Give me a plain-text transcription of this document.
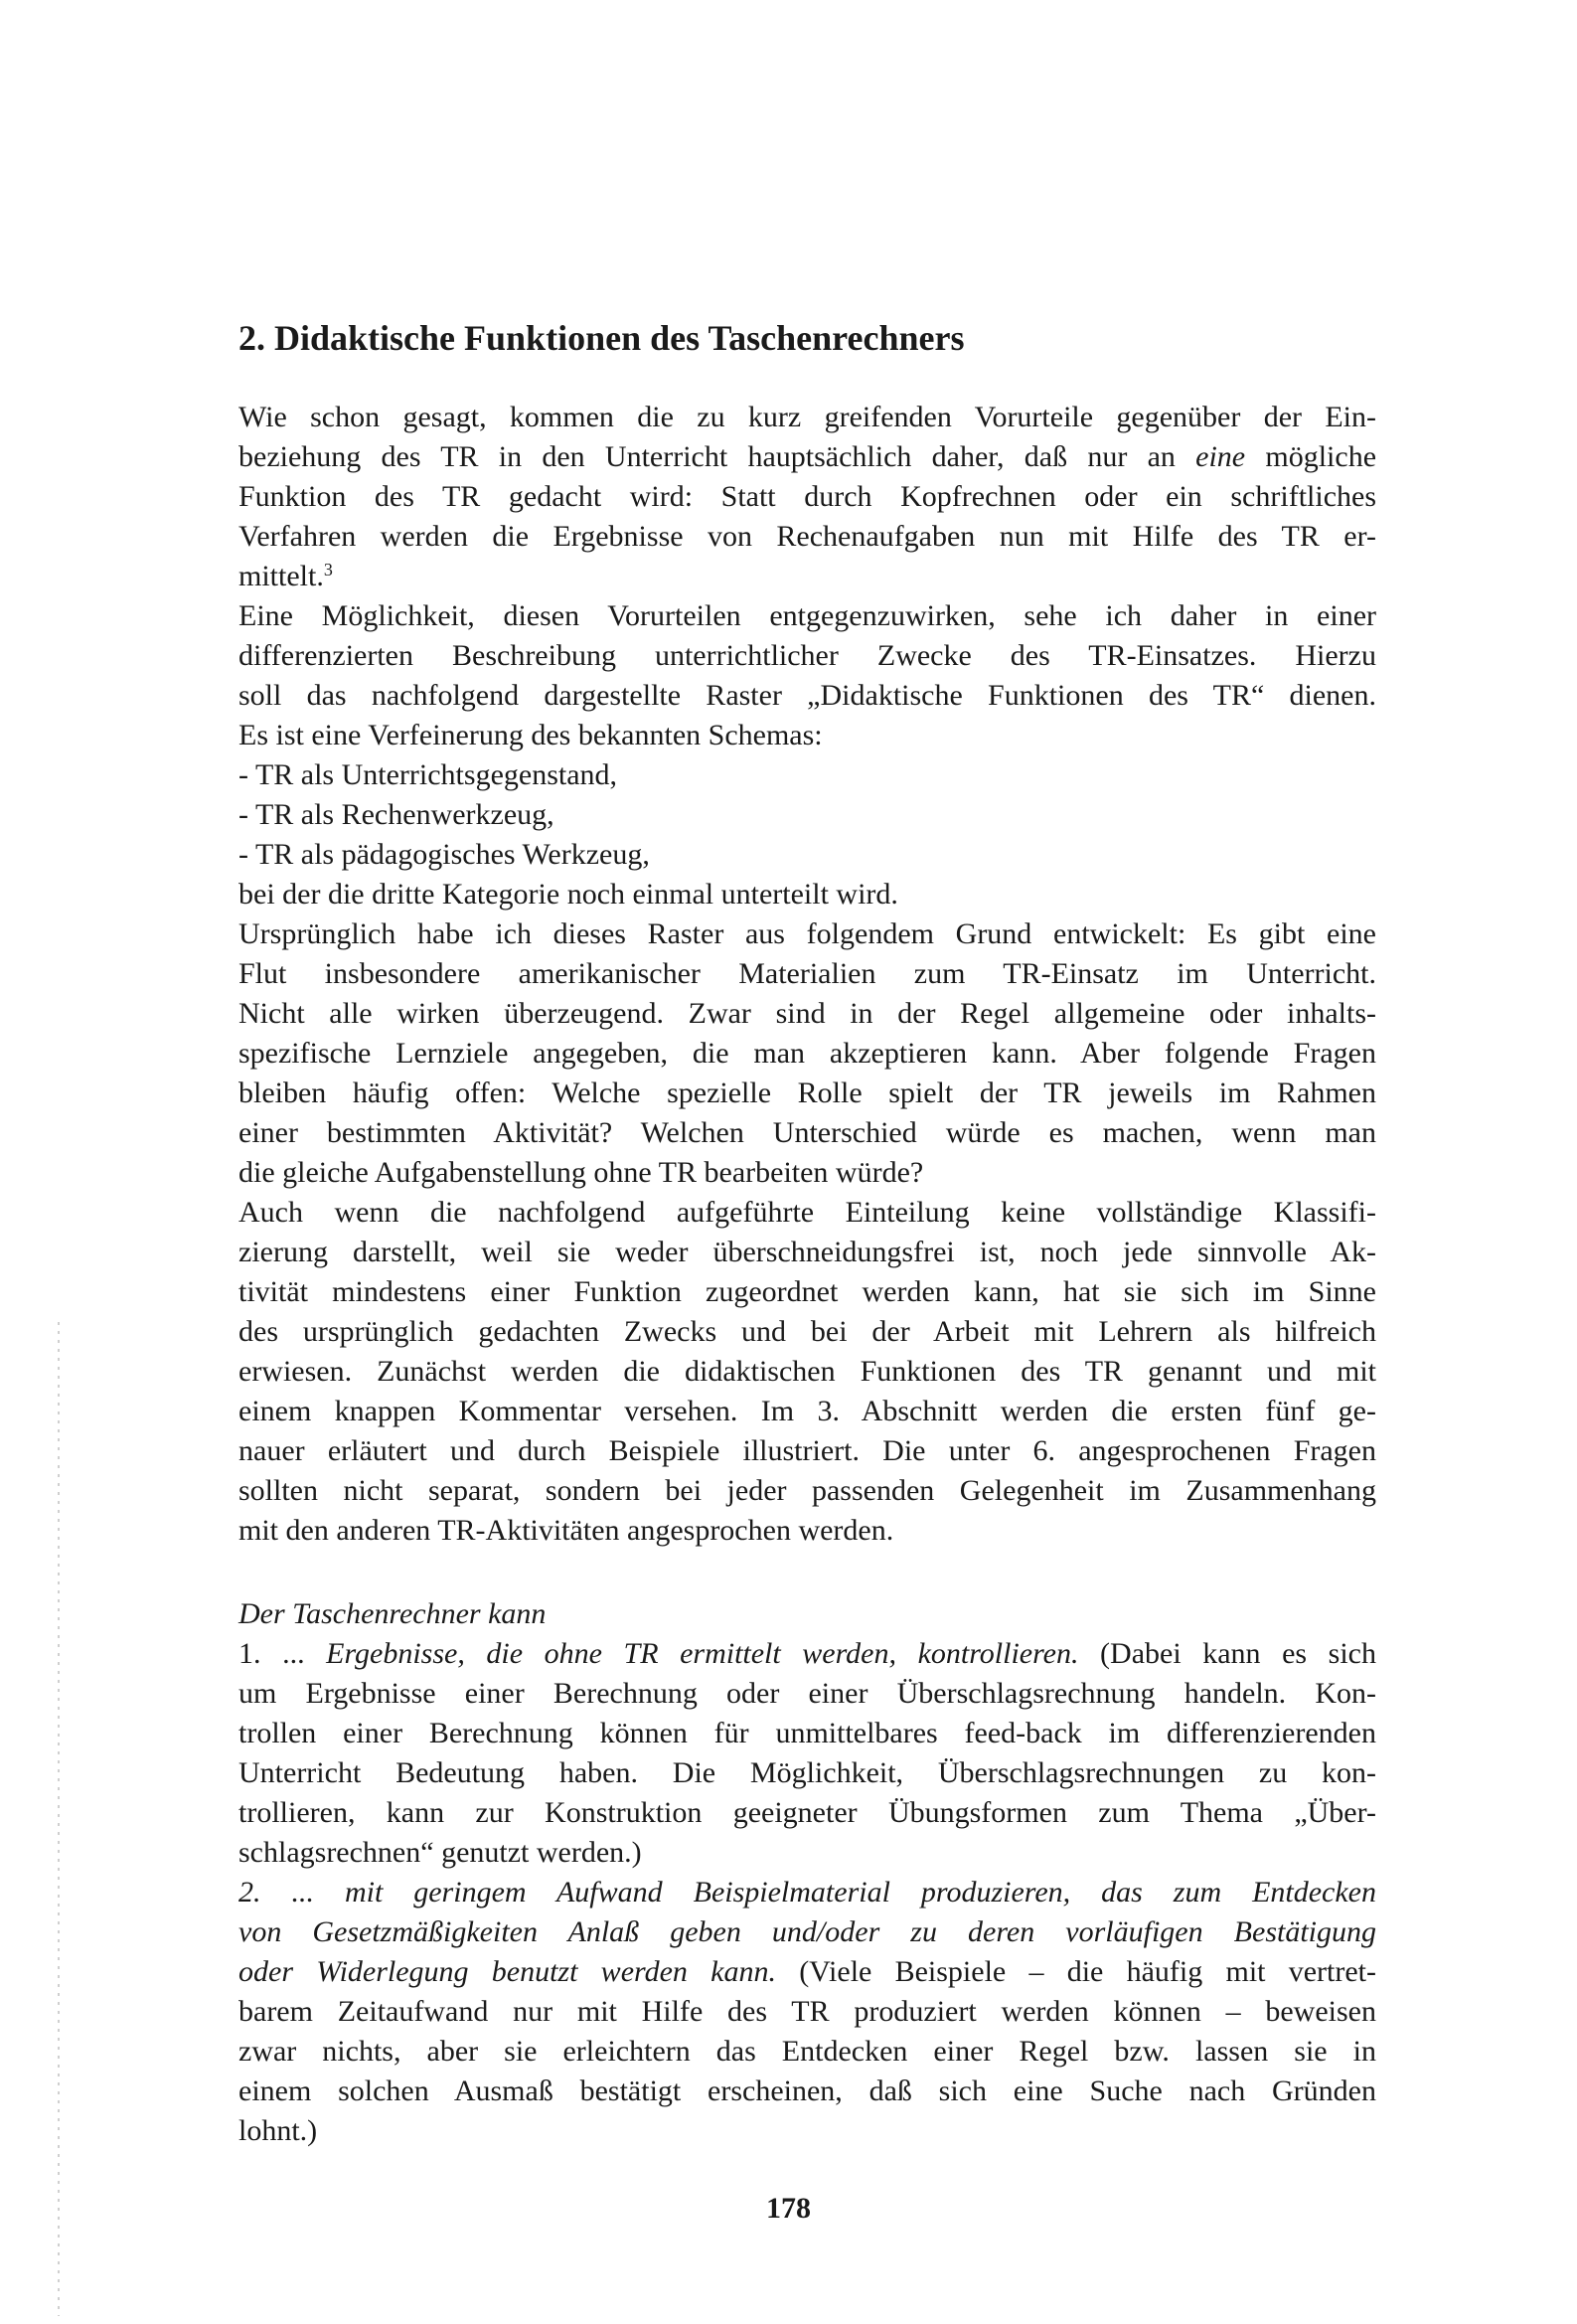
2. Didaktische Funktionen des Taschenrechners
Wie schon gesagt, kommen die zu kurz greifenden Vorurteile gegenüber der Ein-
beziehung des TR in den Unterricht hauptsächlich daher, daß nur an eine mögliche
Funktion des TR gedacht wird: Statt durch Kopfrechnen oder ein schriftliches
Verfahren werden die Ergebnisse von Rechenaufgaben nun mit Hilfe des TR er-
mittelt.$^3$
Eine Möglichkeit, diesen Vorurteilen entgegenzuwirken, sehe ich daher in einer
differenzierten Beschreibung unterrichtlicher Zwecke des TR-Einsatzes. Hierzu
soll das nachfolgend dargestellte Raster „Didaktische Funktionen des TR“ dienen.
Es ist eine Verfeinerung des bekannten Schemas:
- TR als Unterrichtsgegenstand,
- TR als Rechenwerkzeug,
- TR als pädagogisches Werkzeug,
bei der die dritte Kategorie noch einmal unterteilt wird.
Ursprünglich habe ich dieses Raster aus folgendem Grund entwickelt: Es gibt eine
Flut insbesondere amerikanischer Materialien zum TR-Einsatz im Unterricht.
Nicht alle wirken überzeugend. Zwar sind in der Regel allgemeine oder inhalts-
spezifische Lernziele angegeben, die man akzeptieren kann. Aber folgende Fragen
bleiben häufig offen: Welche spezielle Rolle spielt der TR jeweils im Rahmen
einer bestimmten Aktivität? Welchen Unterschied würde es machen, wenn man
die gleiche Aufgabenstellung ohne TR bearbeiten würde?
Auch wenn die nachfolgend aufgeführte Einteilung keine vollständige Klassifi-
zierung darstellt, weil sie weder überschneidungsfrei ist, noch jede sinnvolle Ak-
tivität mindestens einer Funktion zugeordnet werden kann, hat sie sich im Sinne
des ursprünglich gedachten Zwecks und bei der Arbeit mit Lehrern als hilfreich
erwiesen. Zunächst werden die didaktischen Funktionen des TR genannt und mit
einem knappen Kommentar versehen. Im 3. Abschnitt werden die ersten fünf ge-
nauer erläutert und durch Beispiele illustriert. Die unter 6. angesprochenen Fragen
sollten nicht separat, sondern bei jeder passenden Gelegenheit im Zusammenhang
mit den anderen TR-Aktivitäten angesprochen werden.
Der Taschenrechner kann
1. ... Ergebnisse, die ohne TR ermittelt werden, kontrollieren. (Dabei kann es sich
um Ergebnisse einer Berechnung oder einer Überschlagsrechnung handeln. Kon-
trollen einer Berechnung können für unmittelbares feed-back im differenzierenden
Unterricht Bedeutung haben. Die Möglichkeit, Überschlagsrechnungen zu kon-
trollieren, kann zur Konstruktion geeigneter Übungsformen zum Thema „Über-
schlagsrechnen“ genutzt werden.)
2. ... mit geringem Aufwand Beispielmaterial produzieren, das zum Entdecken
von Gesetzmäßigkeiten Anlaß geben und/oder zu deren vorläufigen Bestätigung
oder Widerlegung benutzt werden kann. (Viele Beispiele – die häufig mit vertret-
barem Zeitaufwand nur mit Hilfe des TR produziert werden können – beweisen
zwar nichts, aber sie erleichtern das Entdecken einer Regel bzw. lassen sie in
einem solchen Ausmaß bestätigt erscheinen, daß sich eine Suche nach Gründen
lohnt.)
178
